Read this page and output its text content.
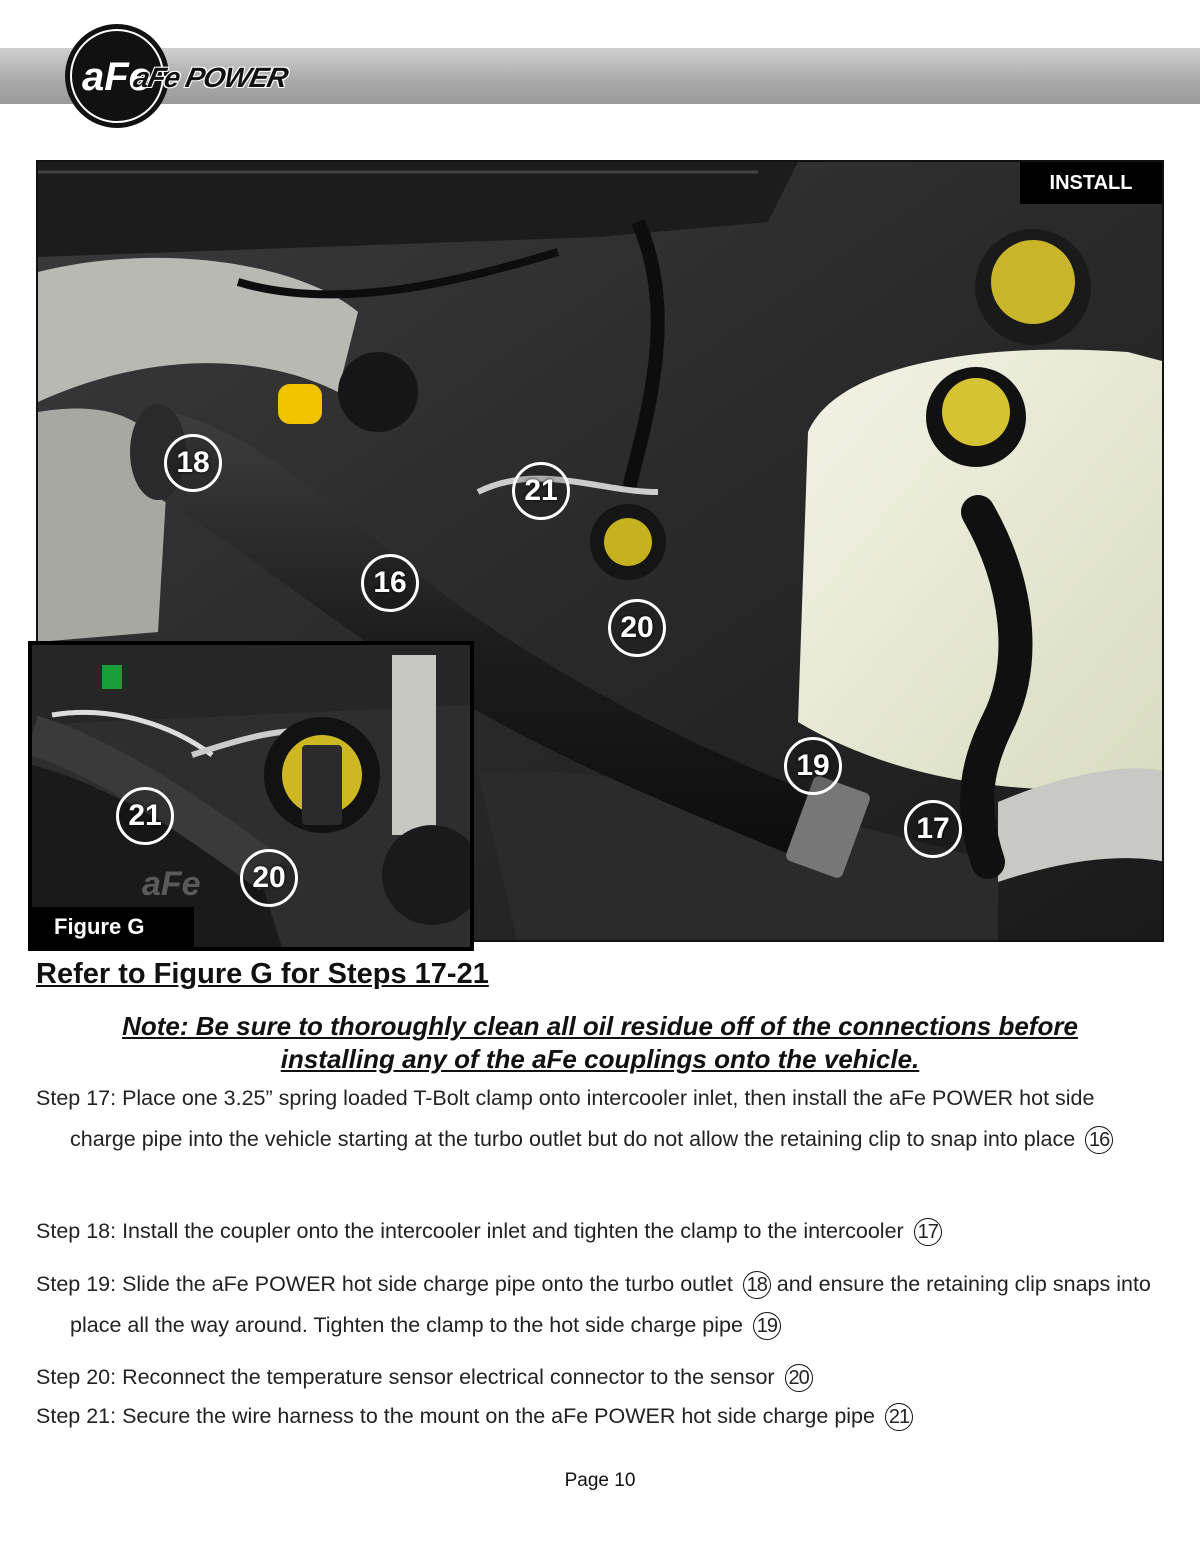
aFe
aFe POWER
INSTALL
18
21
16
20
19
17
aFe
21
20
Figure G
Refer to Figure G for Steps 17-21

Note: Be sure to thoroughly clean all oil residue off of the connections before
installing any of the aFe couplings onto the vehicle.

Step 17: Place one 3.25” spring loaded T-Bolt clamp onto intercooler inlet, then install the aFe POWER hot side charge pipe into the vehicle starting at the turbo outlet but do not allow the retaining clip to snap into place 16

Step 18: Install the coupler onto the intercooler inlet and tighten the clamp to the intercooler 17

Step 19: Slide the aFe POWER hot side charge pipe onto the turbo outlet 18 and ensure the retaining clip snaps into place all the way around. Tighten the clamp to the hot side charge pipe 19

Step 20: Reconnect the temperature sensor electrical connector to the sensor 20

Step 21: Secure the wire harness to the mount on the aFe POWER hot side charge pipe 21

Page 10
